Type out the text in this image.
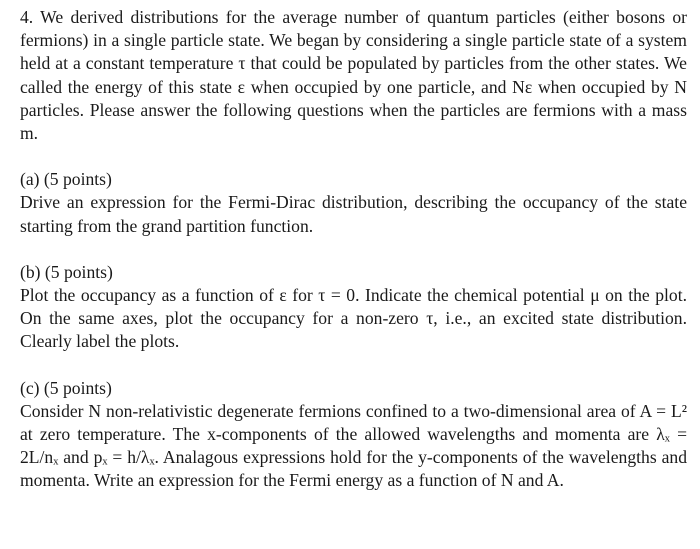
4. We derived distributions for the average number of quantum particles (either bosons or fermions) in a single particle state. We began by considering a single particle state of a system held at a constant temperature τ that could be populated by particles from the other states. We called the energy of this state ε when occupied by one particle, and Nε when occupied by N particles. Please answer the following questions when the particles are fermions with a mass m.

(a) (5 points)

Drive an expression for the Fermi-Dirac distribution, describing the occupancy of the state starting from the grand partition function.

(b) (5 points)

Plot the occupancy as a function of ε for τ = 0. Indicate the chemical potential μ on the plot. On the same axes, plot the occupancy for a non-zero τ, i.e., an excited state distribution. Clearly label the plots.

(c) (5 points)

Consider N non-relativistic degenerate fermions confined to a two-dimensional area of A = L² at zero temperature. The x-components of the allowed wavelengths and momenta are λₓ = 2L/nₓ and pₓ = h/λₓ. Analagous expressions hold for the y-components of the wavelengths and momenta. Write an expression for the Fermi energy as a function of N and A.
